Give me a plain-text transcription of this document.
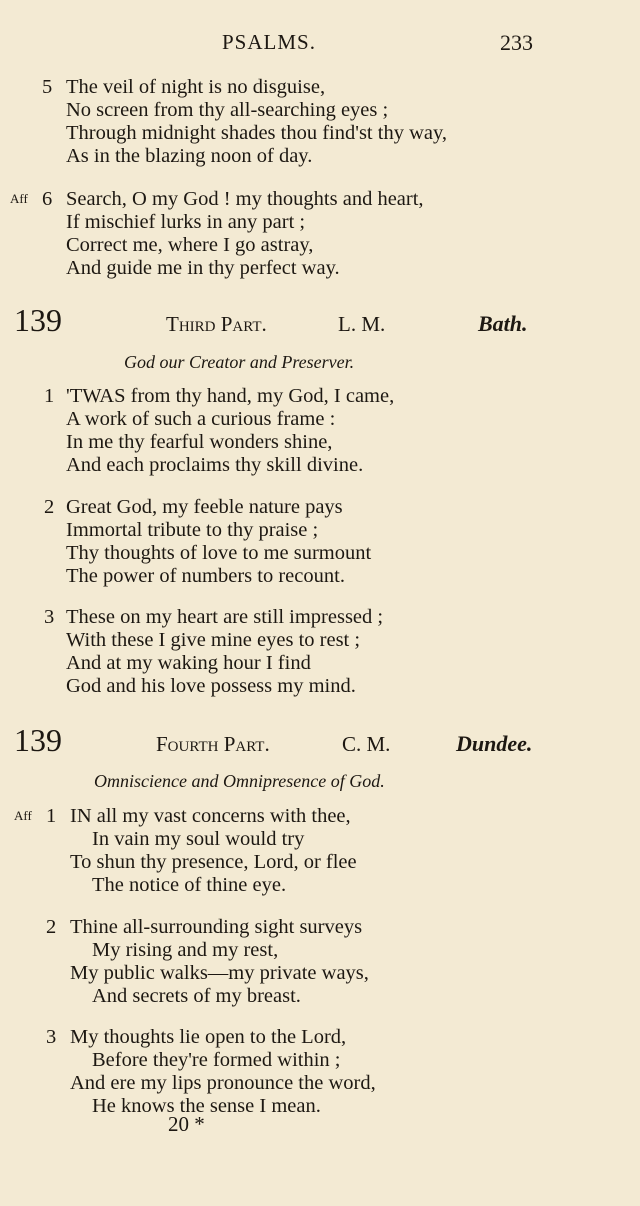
PSALMS.	233
5 The veil of night is no disguise,
No screen from thy all-searching eyes ;
Through midnight shades thou find'st thy way,
As in the blazing noon of day.
Aff 6 Search, O my God ! my thoughts and heart,
If mischief lurks in any part ;
Correct me, where I go astray,
And guide me in thy perfect way.
139	Third Part.	L. M.	Bath.
God our Creator and Preserver.
1 'TWAS from thy hand, my God, I came,
A work of such a curious frame :
In me thy fearful wonders shine,
And each proclaims thy skill divine.
2 Great God, my feeble nature pays
Immortal tribute to thy praise ;
Thy thoughts of love to me surmount
The power of numbers to recount.
3 These on my heart are still impressed ;
With these I give mine eyes to rest ;
And at my waking hour I find
God and his love possess my mind.
139	Fourth Part.	C. M.	Dundee.
Omniscience and Omnipresence of God.
Aff 1 IN all my vast concerns with thee,
In vain my soul would try
To shun thy presence, Lord, or flee
The notice of thine eye.
2 Thine all-surrounding sight surveys
My rising and my rest,
My public walks—my private ways,
And secrets of my breast.
3 My thoughts lie open to the Lord,
Before they're formed within ;
And ere my lips pronounce the word,
He knows the sense I mean.
20 *
